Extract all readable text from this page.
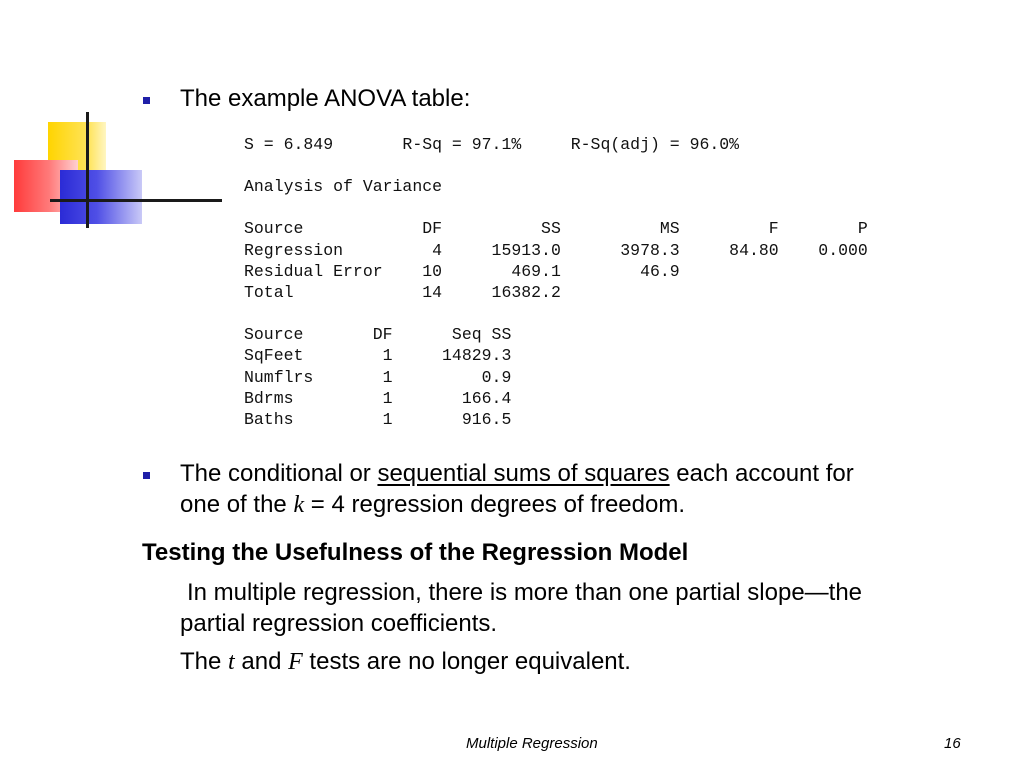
The example ANOVA table:
S = 6.849       R-Sq = 97.1%     R-Sq(adj) = 96.0%
Analysis of Variance
Source            DF          SS          MS         F        P
Regression         4     15913.0      3978.3     84.80    0.000
Residual Error    10       469.1        46.9
Total             14     16382.2
Source       DF      Seq SS
SqFeet        1     14829.3
Numflrs       1         0.9
Bdrms         1       166.4
Baths         1       916.5
The conditional or sequential sums of squares each account for
one of the k = 4 regression degrees of freedom.
Testing the Usefulness of the Regression Model
In multiple regression, there is more than one partial slope—the
partial regression coefficients.
The t and F tests are no longer equivalent.
Multiple Regression	16
